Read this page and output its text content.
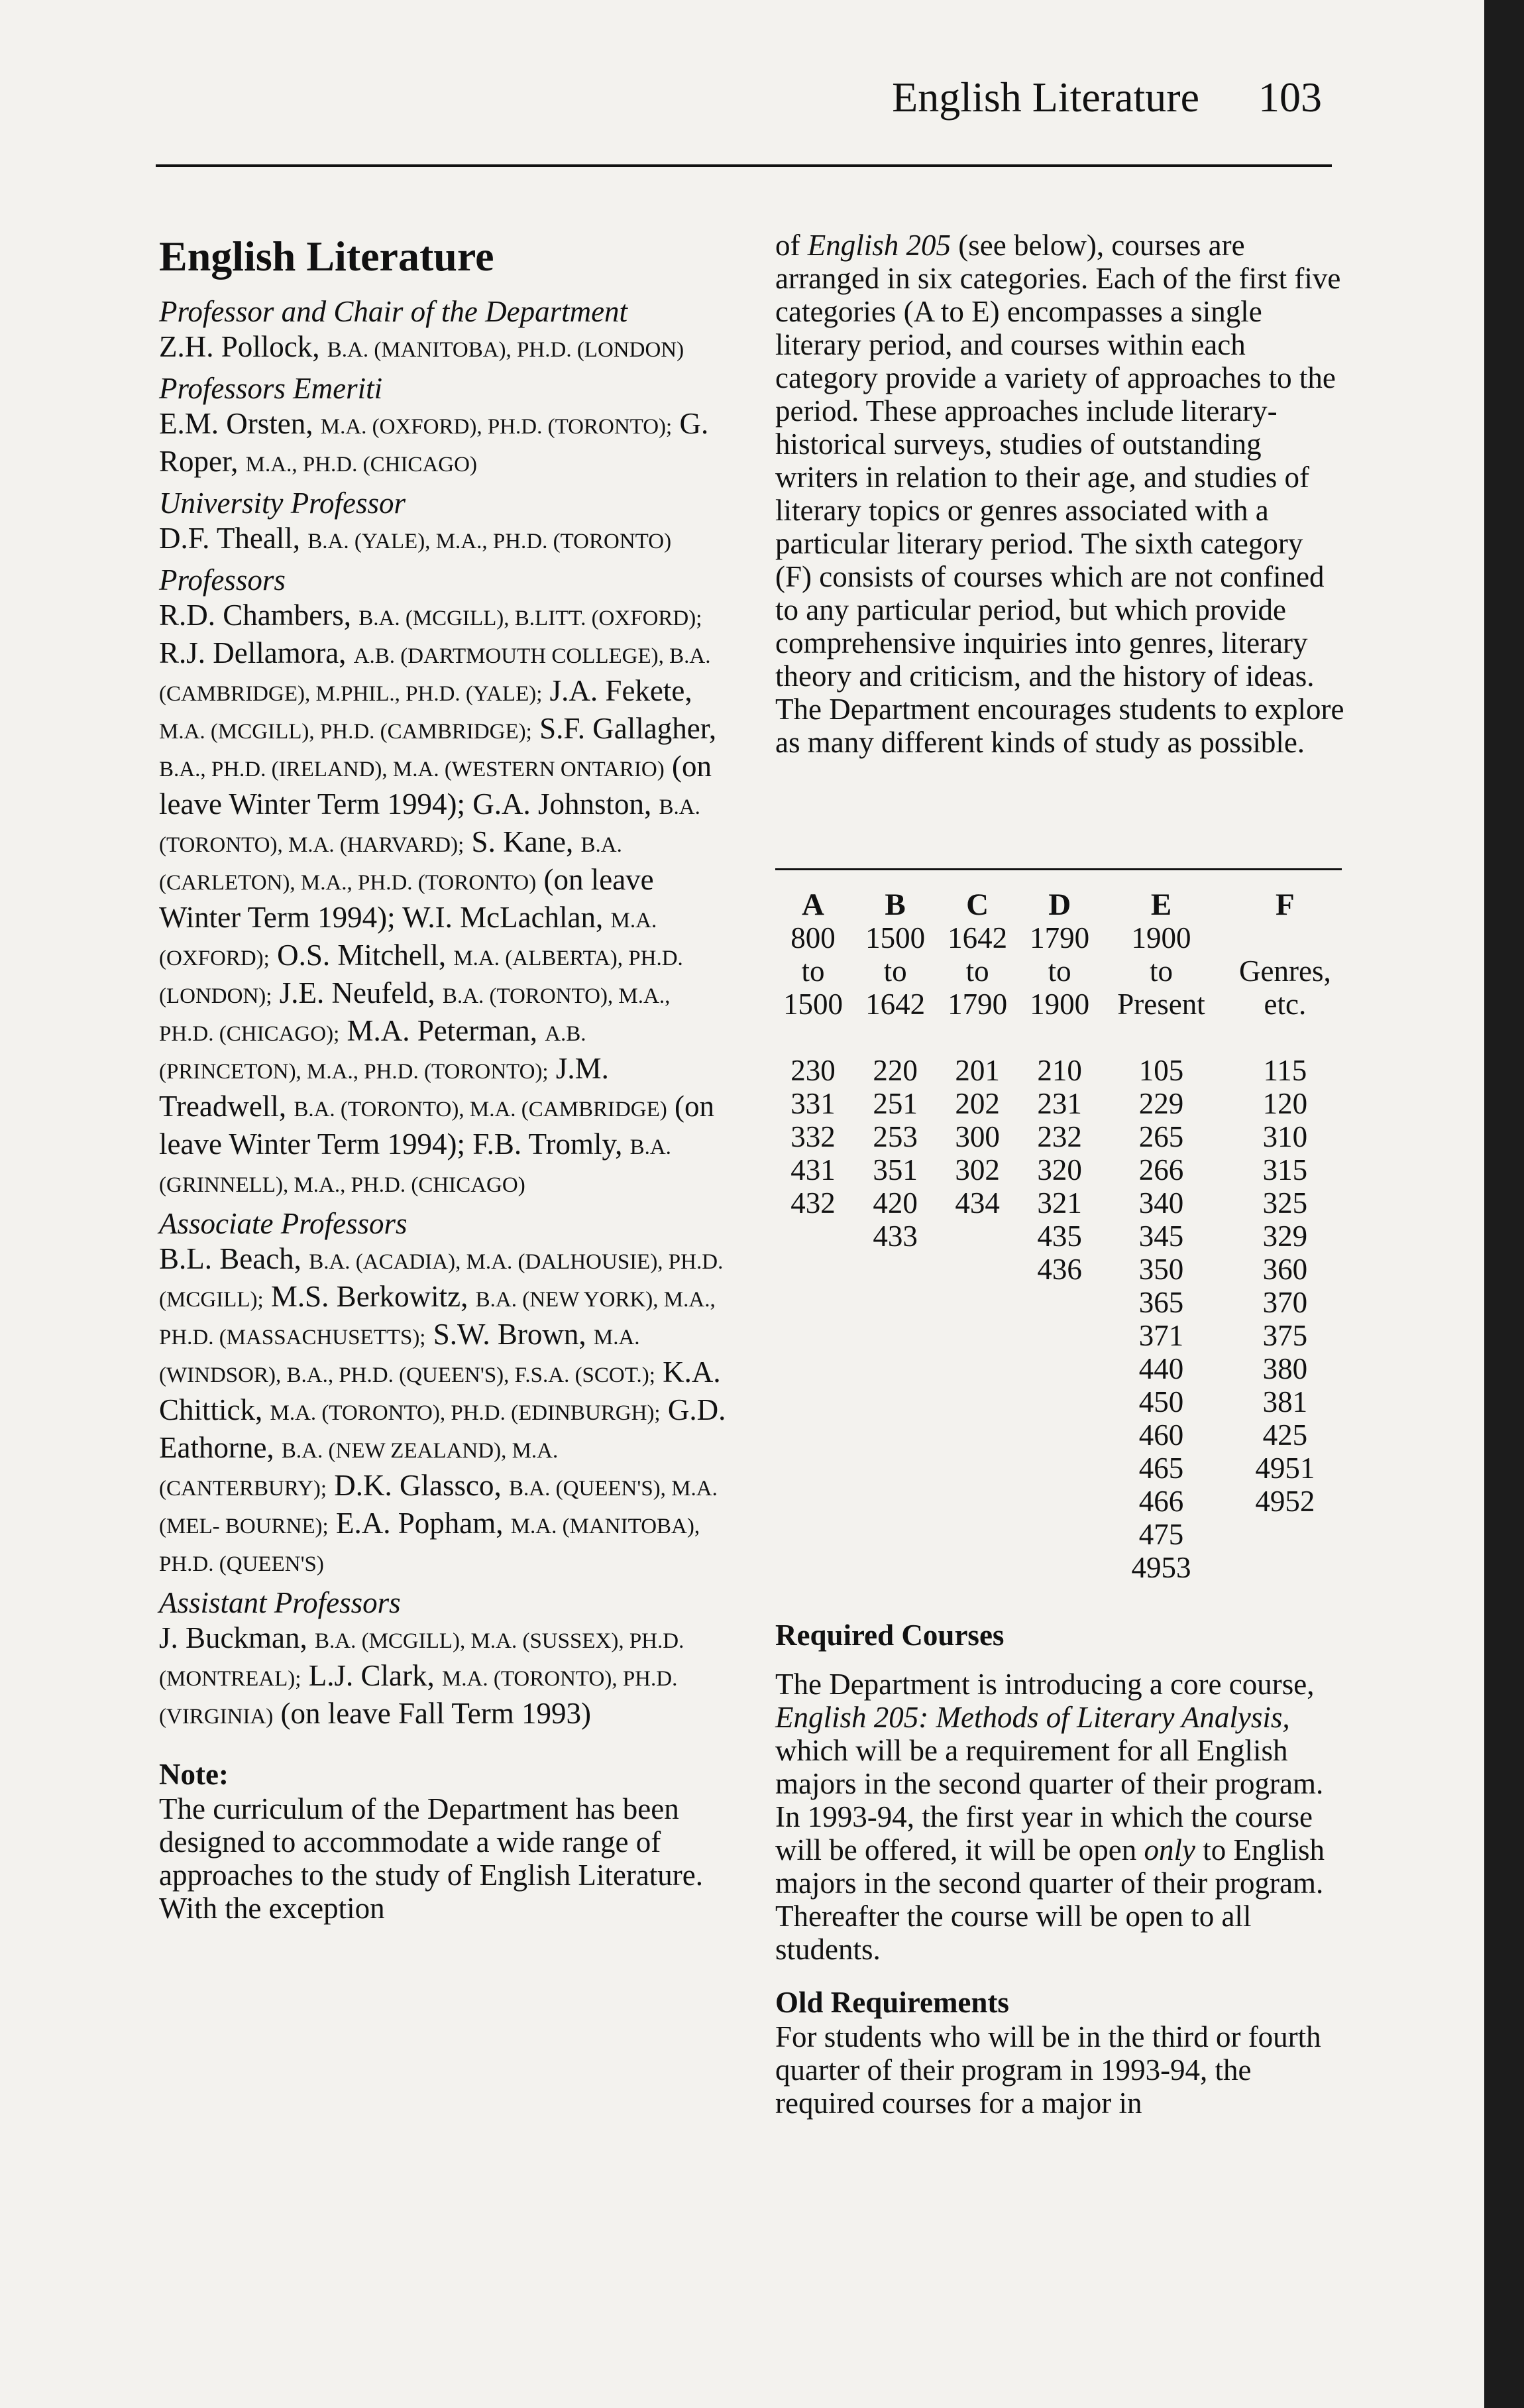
English Literature 103
English Literature
Professor and Chair of the Department
Z.H. Pollock, B.A. (MANITOBA), PH.D. (LONDON)
Professors Emeriti
E.M. Orsten, M.A. (OXFORD), PH.D. (TORONTO); G. Roper, M.A., PH.D. (CHICAGO)
University Professor
D.F. Theall, B.A. (YALE), M.A., PH.D. (TORONTO)
Professors
R.D. Chambers, B.A. (MCGILL), B.LITT. (OXFORD); R.J. Dellamora, A.B. (DARTMOUTH COLLEGE), B.A. (CAMBRIDGE), M.PHIL., PH.D. (YALE); J.A. Fekete, M.A. (MCGILL), PH.D. (CAMBRIDGE); S.F. Gallagher, B.A., PH.D. (IRELAND), M.A. (WESTERN ONTARIO) (on leave Winter Term 1994); G.A. Johnston, B.A. (TORONTO), M.A. (HARVARD); S. Kane, B.A. (CARLETON), M.A., PH.D. (TORONTO) (on leave Winter Term 1994); W.I. McLachlan, M.A. (OXFORD); O.S. Mitchell, M.A. (ALBERTA), PH.D. (LONDON); J.E. Neufeld, B.A. (TORONTO), M.A., PH.D. (CHICAGO); M.A. Peterman, A.B. (PRINCETON), M.A., PH.D. (TORONTO); J.M. Treadwell, B.A. (TORONTO), M.A. (CAMBRIDGE) (on leave Winter Term 1994); F.B. Tromly, B.A. (GRINNELL), M.A., PH.D. (CHICAGO)
Associate Professors
B.L. Beach, B.A. (ACADIA), M.A. (DALHOUSIE), PH.D. (MCGILL); M.S. Berkowitz, B.A. (NEW YORK), M.A., PH.D. (MASSACHUSETTS); S.W. Brown, M.A. (WINDSOR), B.A., PH.D. (QUEEN'S), F.S.A. (SCOT.); K.A. Chittick, M.A. (TORONTO), PH.D. (EDINBURGH); G.D. Eathorne, B.A. (NEW ZEALAND), M.A. (CANTERBURY); D.K. Glassco, B.A. (QUEEN'S), M.A. (MEL- BOURNE); E.A. Popham, M.A. (MANITOBA), PH.D. (QUEEN'S)
Assistant Professors
J. Buckman, B.A. (MCGILL), M.A. (SUSSEX), PH.D. (MONTREAL); L.J. Clark, M.A. (TORONTO), PH.D. (VIRGINIA) (on leave Fall Term 1993)
Note:
The curriculum of the Department has been designed to accommodate a wide range of approaches to the study of English Literature. With the exception
of English 205 (see below), courses are arranged in six categories. Each of the first five categories (A to E) encompasses a single literary period, and courses within each category provide a variety of approaches to the period. These approaches include literary-historical surveys, studies of outstanding writers in relation to their age, and studies of literary topics or genres associated with a particular literary period. The sixth category (F) consists of courses which are not confined to any particular period, but which provide comprehensive inquiries into genres, literary theory and criticism, and the history of ideas. The Department encourages students to explore as many different kinds of study as possible.
A	B	C	D	E	F
800	1500	1642	1790	1900	
to	to	to	to	to	Genres,
1500	1642	1790	1900	Present	etc.

230	220	201	210	105	115
331	251	202	231	229	120
332	253	300	232	265	310
431	351	302	320	266	315
432	420	434	321	340	325
	433		435	345	329
			436	350	360
				365	370
				371	375
				440	380
				450	381
				460	425
				465	4951
				466	4952
				475	
				4953	
Required Courses
The Department is introducing a core course, English 205: Methods of Literary Analysis, which will be a requirement for all English majors in the second quarter of their program. In 1993-94, the first year in which the course will be offered, it will be open only to English majors in the second quarter of their program. Thereafter the course will be open to all students.
Old Requirements
For students who will be in the third or fourth quarter of their program in 1993-94, the required courses for a major in
